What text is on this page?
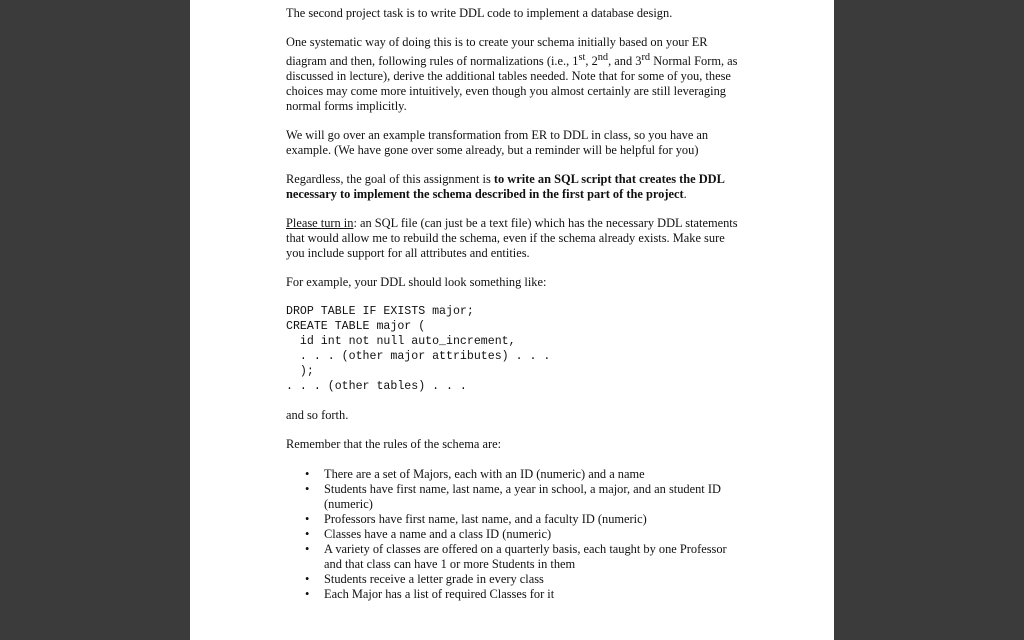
The second project task is to write DDL code to implement a database design.

One systematic way of doing this is to create your schema initially based on your ER diagram and then, following rules of normalizations (i.e., 1st, 2nd, and 3rd Normal Form, as discussed in lecture), derive the additional tables needed. Note that for some of you, these choices may come more intuitively, even though you almost certainly are still leveraging normal forms implicitly.

We will go over an example transformation from ER to DDL in class, so you have an example. (We have gone over some already, but a reminder will be helpful for you)

Regardless, the goal of this assignment is to write an SQL script that creates the DDL necessary to implement the schema described in the first part of the project.

Please turn in: an SQL file (can just be a text file) which has the necessary DDL statements that would allow me to rebuild the schema, even if the schema already exists. Make sure you include support for all attributes and entities.

For example, your DDL should look something like:

DROP TABLE IF EXISTS major;
CREATE TABLE major (
id int not null auto_increment,
. . . (other major attributes) . . .
);
. . . (other tables) . . .

and so forth.

Remember that the rules of the schema are:

• There are a set of Majors, each with an ID (numeric) and a name
• Students have first name, last name, a year in school, a major, and an student ID (numeric)
• Professors have first name, last name, and a faculty ID (numeric)
• Classes have a name and a class ID (numeric)
• A variety of classes are offered on a quarterly basis, each taught by one Professor and that class can have 1 or more Students in them
• Students receive a letter grade in every class
• Each Major has a list of required Classes for it
